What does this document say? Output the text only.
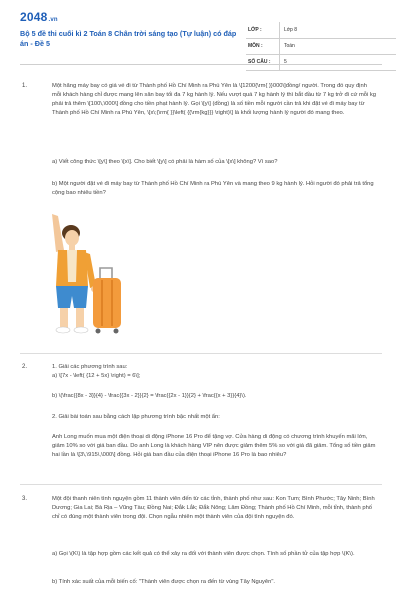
2048.vn
Bộ 5 đề thi cuối kì 2 Toán 8 Chân trời sáng tạo (Tự luận) có đáp án - Đề 5
LỚP :	Lớp 8
MÔN :	Toán
SỐ CÂU :	5
1.	Một hãng máy bay có giá vé đi từ Thành phố Hồ Chí Minh ra Phú Yên là \[1200{\rm{ }}000\]đồng/ người. Trong đó quy định mỗi khách hàng chỉ được mang lên sân bay tối đa 7 kg hành lý. Nếu vượt quá 7 kg hành lý thì bắt đầu từ 7 kg trở đi cứ mỗi kg phải trả thêm \[100\,\000\] đồng cho tiền phạt hành lý. Gọi \[y\] (đồng) là số tiền mỗi người cần trả khi đặt vé đi máy bay từ Thành phố Hồ Chí Minh ra Phú Yên, \[x\;{\rm{ }}\left( {{\rm{kg}}} \right)\] là khối lượng hành lý người đó mang theo.

a) Viết công thức \[y\] theo \[x\]. Cho biết \[y\] có phải là hàm số của \[x\] không? Vì sao?

b) Một người đặt vé đi máy bay từ Thành phố Hồ Chí Minh ra Phú Yên và mang theo 9 kg hành lý. Hỏi người đó phải trả tổng cộng bao nhiêu tiền?

2.	1. Giải các phương trình sau:

a) \[7x - \left( {12 + 5x} \right) = 6\];

b) \(\frac{{8x - 3}}{4} - \frac{{3x - 2}}{2} = \frac{{2x - 1}}{2} + \frac{{x + 3}}{4}\).

2. Giải bài toán sau bằng cách lập phương trình bậc nhất một ẩn:

Anh Long muốn mua một điện thoại di động iPhone 16 Pro để tặng vợ. Cửa hàng di động có chương trình khuyến mãi lớn, giảm 10% so với giá ban đầu. Do anh Long là khách hàng VIP nên được giảm thêm 5% so với giá đã giảm. Tổng số tiền giảm hai lần là \[3\,\915\,\000\] đồng. Hỏi giá ban đầu của điện thoại iPhone 16 Pro là bao nhiêu?

3.	Một đội thanh niên tình nguyện gồm 11 thành viên đến từ các tỉnh, thành phố như sau: Kon Tum; Bình Phước; Tây Ninh; Bình Dương; Gia Lai; Bà Rịa – Vũng Tàu; Đồng Nai; Đắk Lắk; Đắk Nông; Lâm Đồng; Thành phố Hồ Chí Minh, mỗi tỉnh, thành phố chỉ có đúng một thành viên trong đội. Chọn ngẫu nhiên một thành viên của đội tình nguyện đó.

a) Gọi \(K\) là tập hợp gồm các kết quả có thể xảy ra đối với thành viên được chọn. Tính số phần tử của tập hợp \(K\).

b) Tính xác suất của mỗi biến cố: "Thành viên được chọn ra đến từ vùng Tây Nguyên".
